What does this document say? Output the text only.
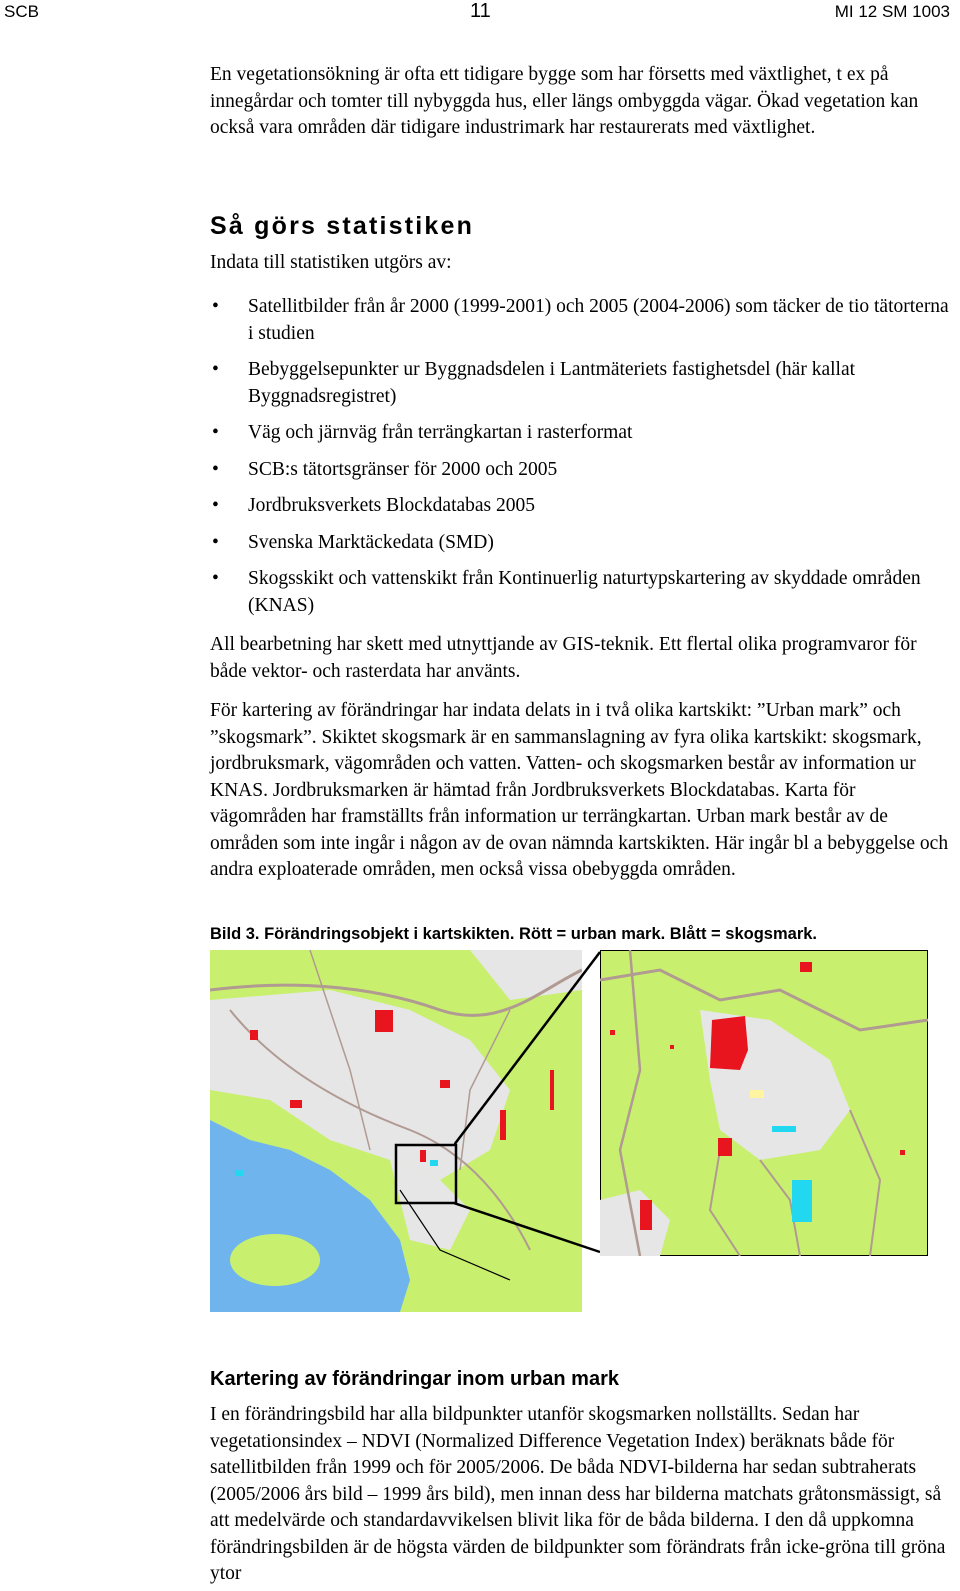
SCB	11	MI 12 SM 1003

En vegetationsökning är ofta ett tidigare bygge som har försetts med växtlighet, t ex på innegårdar och tomter till nybyggda hus, eller längs ombyggda vägar. Ökad vegetation kan också vara områden där tidigare industrimark har restaurerats med växtlighet.

Så görs statistiken

Indata till statistiken utgörs av:

• Satellitbilder från år 2000 (1999-2001) och 2005 (2004-2006) som täcker de tio tätorterna i studien
• Bebyggelsepunkter ur Byggnadsdelen i Lantmäteriets fastighetsdel (här kallat Byggnadsregistret)
• Väg och järnväg från terrängkartan i rasterformat
• SCB:s tätortsgränser för 2000 och 2005
• Jordbruksverkets Blockdatabas 2005
• Svenska Marktäckedata (SMD)
• Skogsskikt och vattenskikt från Kontinuerlig naturtypskartering av skyddade områden (KNAS)

All bearbetning har skett med utnyttjande av GIS-teknik. Ett flertal olika programvaror för både vektor- och rasterdata har använts.

För kartering av förändringar har indata delats in i två olika kartskikt: ”Urban mark” och ”skogsmark”. Skiktet skogsmark är en sammanslagning av fyra olika kartskikt: skogsmark, jordbruksmark, vägområden och vatten. Vatten- och skogsmarken består av information ur KNAS. Jordbruksmarken är hämtad från Jordbruksverkets Blockdatabas. Karta för vägområden har framställts från information ur terrängkartan. Urban mark består av de områden som inte ingår i någon av de ovan nämnda kartskikten. Här ingår bl a bebyggelse och andra exploaterade områden, men också vissa obebyggda områden.

Bild 3. Förändringsobjekt i kartskikten. Rött = urban mark. Blått = skogsmark.
Kartering av förändringar inom urban mark

I en förändringsbild har alla bildpunkter utanför skogsmarken nollställts. Sedan har vegetationsindex – NDVI (Normalized Difference Vegetation Index) beräknats både för satellitbilden från 1999 och för 2005/2006. De båda NDVI-bilderna har sedan subtraherats (2005/2006 års bild – 1999 års bild), men innan dess har bilderna matchats gråtonsmässigt, så att medelvärde och standardavvikelsen blivit lika för de båda bilderna. I den då uppkomna förändringsbilden är de högsta värden de bildpunkter som förändrats från icke-gröna till gröna ytor
